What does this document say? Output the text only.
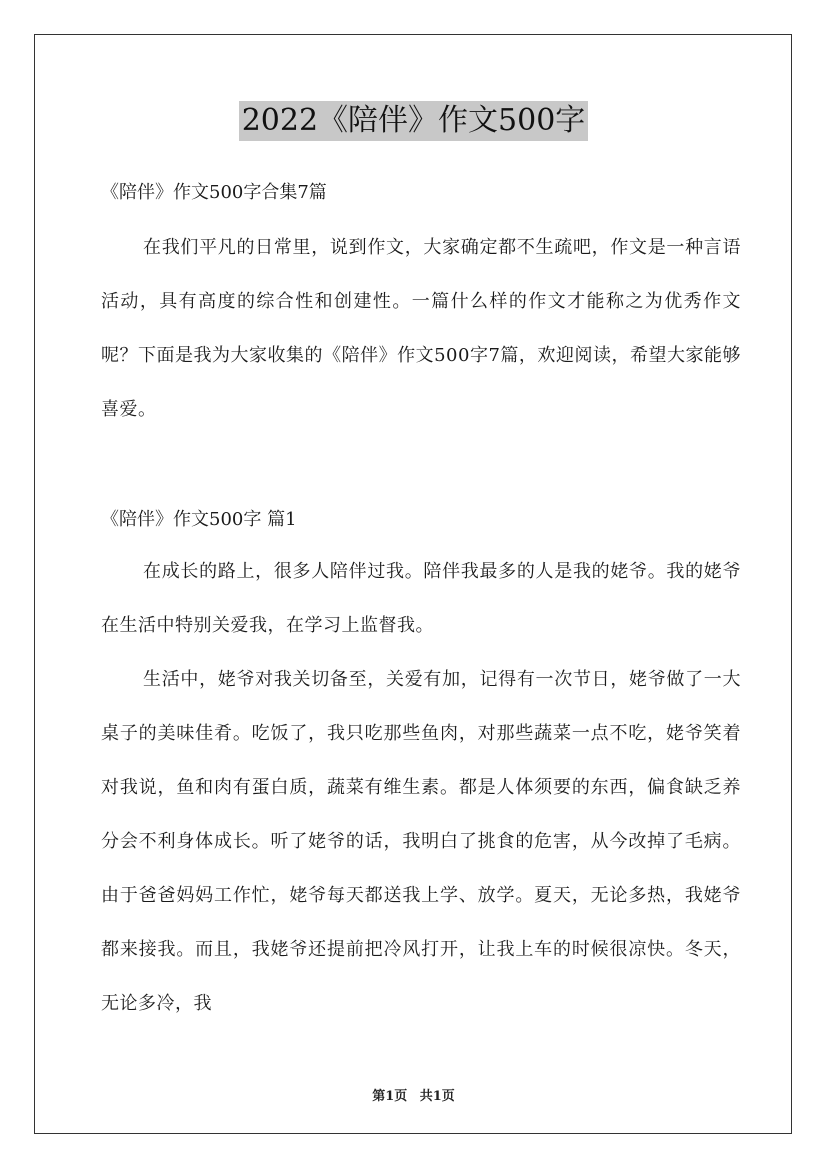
2022《陪伴》作文500字

《陪伴》作文500字合集7篇

在我们平凡的日常里，说到作文，大家确定都不生疏吧，作文是一种言语活动，具有高度的综合性和创建性。一篇什么样的作文才能称之为优秀作文呢？下面是我为大家收集的《陪伴》作文500字7篇，欢迎阅读，希望大家能够喜爱。

《陪伴》作文500字 篇1

在成长的路上，很多人陪伴过我。陪伴我最多的人是我的姥爷。我的姥爷在生活中特别关爱我，在学习上监督我。

生活中，姥爷对我关切备至，关爱有加，记得有一次节日，姥爷做了一大桌子的美味佳肴。吃饭了，我只吃那些鱼肉，对那些蔬菜一点不吃，姥爷笑着对我说，鱼和肉有蛋白质，蔬菜有维生素。都是人体须要的东西，偏食缺乏养分会不利身体成长。听了姥爷的话，我明白了挑食的危害，从今改掉了毛病。由于爸爸妈妈工作忙，姥爷每天都送我上学、放学。夏天，无论多热，我姥爷都来接我。而且，我姥爷还提前把冷风打开，让我上车的时候很凉快。冬天，无论多冷，我

第1页 共1页
